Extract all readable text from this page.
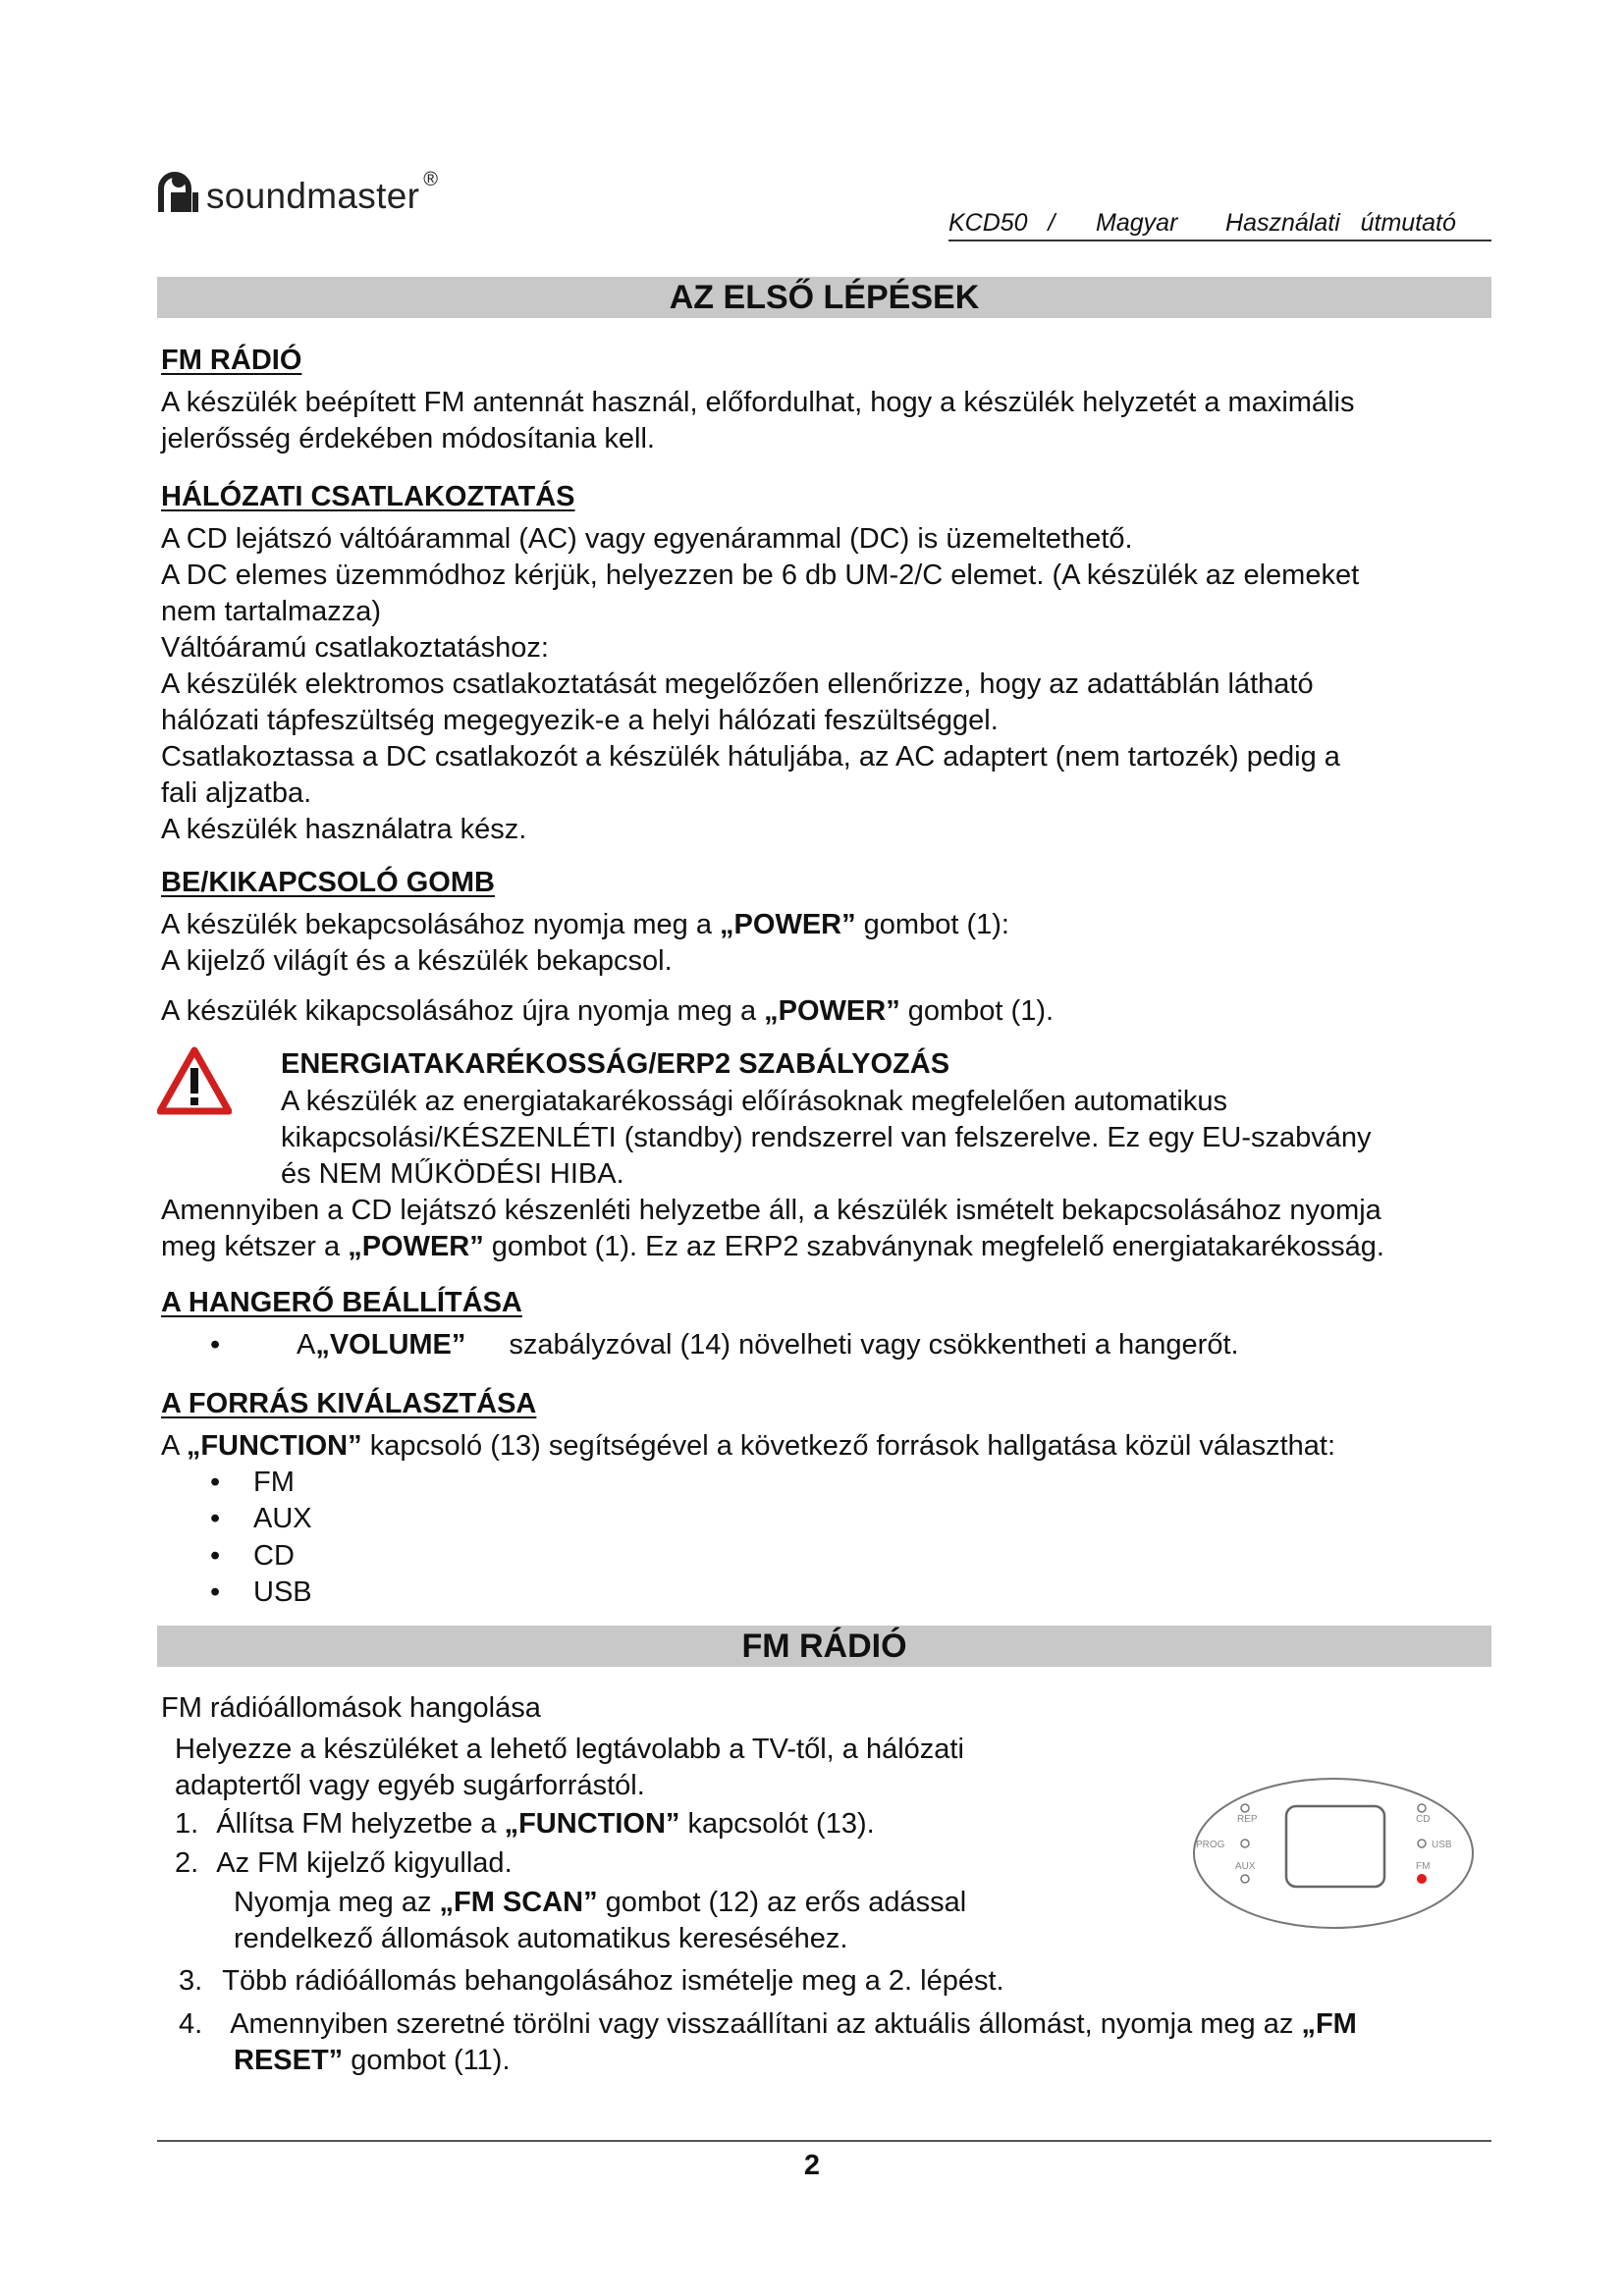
soundmaster ®
KCD50   /      Magyar       Használati   útmutató
AZ ELSŐ LÉPÉSEK
FM RÁDIÓ
A készülék beépített FM antennát használ, előfordulhat, hogy a készülék helyzetét a maximális
jelerősség érdekében módosítania kell.
HÁLÓZATI CSATLAKOZTATÁS
A CD lejátszó váltóárammal (AC) vagy egyenárammal (DC) is üzemeltethető.
A DC elemes üzemmódhoz kérjük, helyezzen be 6 db UM-2/C elemet. (A készülék az elemeket
nem tartalmazza)
Váltóáramú csatlakoztatáshoz:
A készülék elektromos csatlakoztatását megelőzően ellenőrizze, hogy az adattáblán látható
hálózati tápfeszültség megegyezik-e a helyi hálózati feszültséggel.
Csatlakoztassa a DC csatlakozót a készülék hátuljába, az AC adaptert (nem tartozék) pedig a
fali aljzatba.
A készülék használatra kész.
BE/KIKAPCSOLÓ GOMB
A készülék bekapcsolásához nyomja meg a „POWER” gombot (1):
A kijelző világít és a készülék bekapcsol.
A készülék kikapcsolásához újra nyomja meg a „POWER” gombot (1).
ENERGIATAKARÉKOSSÁG/ERP2 SZABÁLYOZÁS
A készülék az energiatakarékossági előírásoknak megfelelően automatikus
kikapcsolási/KÉSZENLÉTI (standby) rendszerrel van felszerelve. Ez egy EU-szabvány
és NEM MŰKÖDÉSI HIBA.
Amennyiben a CD lejátszó készenléti helyzetbe áll, a készülék ismételt bekapcsolásához nyomja
meg kétszer a „POWER” gombot (1). Ez az ERP2 szabványnak megfelelő energiatakarékosság.
A HANGERŐ BEÁLLÍTÁSA
• A„VOLUME”szabályzóval (14) növelheti vagy csökkentheti a hangerőt.
A FORRÁS KIVÁLASZTÁSA
A „FUNCTION” kapcsoló (13) segítségével a következő források hallgatása közül választhat:
• FM
• AUX
• CD
• USB
FM RÁDIÓ
FM rádióállomások hangolása
Helyezze a készüléket a lehető legtávolabb a TV-től, a hálózati
adaptertől vagy egyéb sugárforrástól.
1. Állítsa FM helyzetbe a „FUNCTION” kapcsolót (13).
2. Az FM kijelző kigyullad.
Nyomja meg az „FM SCAN” gombot (12) az erős adással
rendelkező állomások automatikus kereséséhez.
3. Több rádióállomás behangolásához ismételje meg a 2. lépést.
4. Amennyiben szeretné törölni vagy visszaállítani az aktuális állomást, nyomja meg az „FM
RESET” gombot (11).
REP	CD
PROG	USB
AUX	FM
2
